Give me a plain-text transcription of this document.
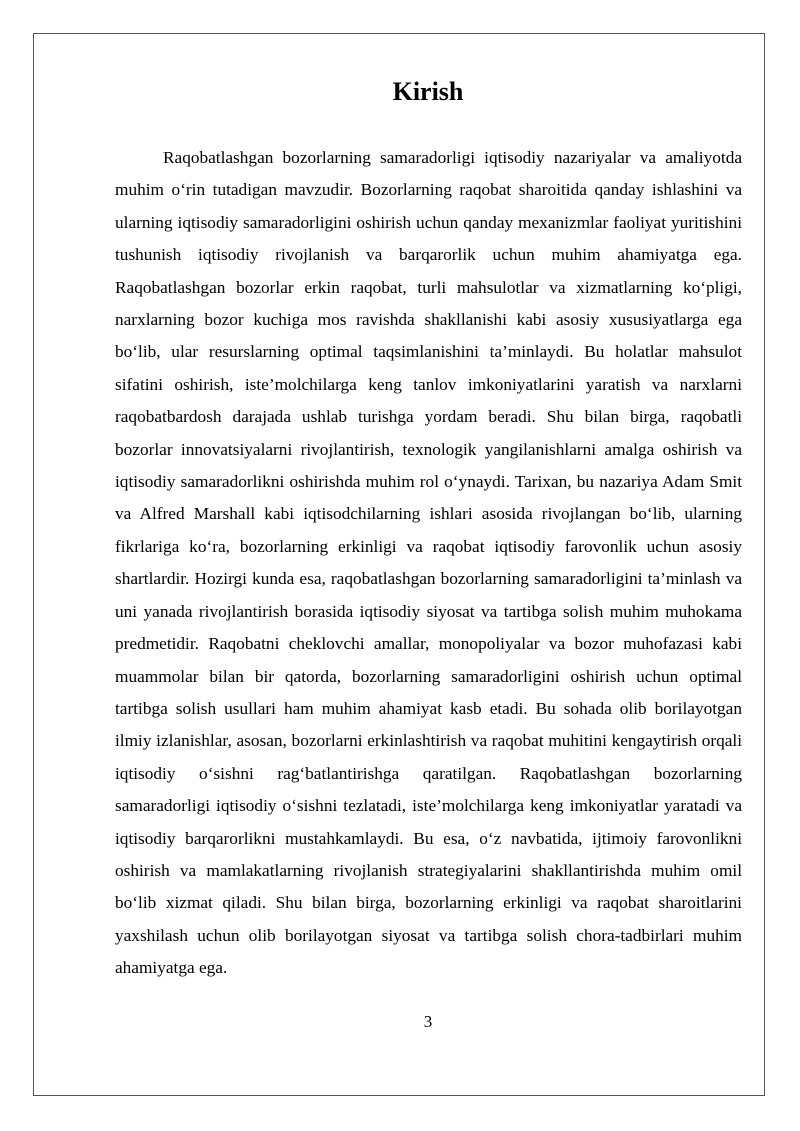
Kirish

Raqobatlashgan bozorlarning samaradorligi iqtisodiy nazariyalar va amaliyotda muhim o‘rin tutadigan mavzudir. Bozorlarning raqobat sharoitida qanday ishlashini va ularning iqtisodiy samaradorligini oshirish uchun qanday mexanizmlar faoliyat yuritishini tushunish iqtisodiy rivojlanish va barqarorlik uchun muhim ahamiyatga ega. Raqobatlashgan bozorlar erkin raqobat, turli mahsulotlar va xizmatlarning ko‘pligi, narxlarning bozor kuchiga mos ravishda shakllanishi kabi asosiy xususiyatlarga ega bo‘lib, ular resurslarning optimal taqsimlanishini ta’minlaydi. Bu holatlar mahsulot sifatini oshirish, iste’molchilarga keng tanlov imkoniyatlarini yaratish va narxlarni raqobatbardosh darajada ushlab turishga yordam beradi. Shu bilan birga, raqobatli bozorlar innovatsiyalarni rivojlantirish, texnologik yangilanishlarni amalga oshirish va iqtisodiy samaradorlikni oshirishda muhim rol o‘ynaydi. Tarixan, bu nazariya Adam Smit va Alfred Marshall kabi iqtisodchilarning ishlari asosida rivojlangan bo‘lib, ularning fikrlariga ko‘ra, bozorlarning erkinligi va raqobat iqtisodiy farovonlik uchun asosiy shartlardir. Hozirgi kunda esa, raqobatlashgan bozorlarning samaradorligini ta’minlash va uni yanada rivojlantirish borasida iqtisodiy siyosat va tartibga solish muhim muhokama predmetidir. Raqobatni cheklovchi amallar, monopoliyalar va bozor muhofazasi kabi muammolar bilan bir qatorda, bozorlarning samaradorligini oshirish uchun optimal tartibga solish usullari ham muhim ahamiyat kasb etadi. Bu sohada olib borilayotgan ilmiy izlanishlar, asosan, bozorlarni erkinlashtirish va raqobat muhitini kengaytirish orqali iqtisodiy o‘sishni rag‘batlantirishga qaratilgan. Raqobatlashgan bozorlarning samaradorligi iqtisodiy o‘sishni tezlatadi, iste’molchilarga keng imkoniyatlar yaratadi va iqtisodiy barqarorlikni mustahkamlaydi. Bu esa, o‘z navbatida, ijtimoiy farovonlikni oshirish va mamlakatlarning rivojlanish strategiyalarini shakllantirishda muhim omil bo‘lib xizmat qiladi. Shu bilan birga, bozorlarning erkinligi va raqobat sharoitlarini yaxshilash uchun olib borilayotgan siyosat va tartibga solish chora-tadbirlari muhim ahamiyatga ega.

3
